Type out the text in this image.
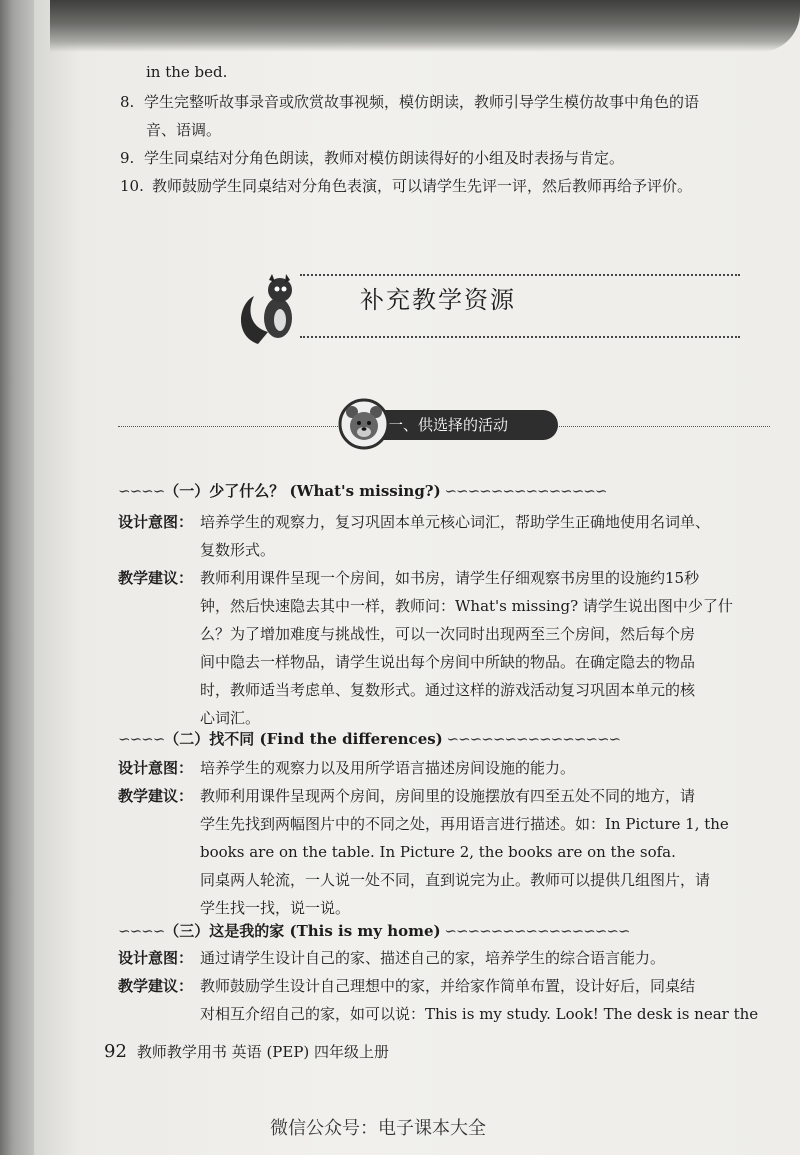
in the bed.
8. 学生完整听故事录音或欣赏故事视频，模仿朗读，教师引导学生模仿故事中角色的语
音、语调。
9. 学生同桌结对分角色朗读，教师对模仿朗读得好的小组及时表扬与肯定。
10. 教师鼓励学生同桌结对分角色表演，可以请学生先评一评，然后教师再给予评价。
补充教学资源
一、供选择的活动
∽∽∽∽（一）少了什么？ (What's missing?) ∽∽∽∽∽∽∽∽∽∽∽∽∽∽
设计意图： 培养学生的观察力，复习巩固本单元核心词汇，帮助学生正确地使用名词单、
复数形式。
教学建议： 教师利用课件呈现一个房间，如书房，请学生仔细观察书房里的设施约15秒
钟，然后快速隐去其中一样，教师问：What's missing? 请学生说出图中少了什
么？为了增加难度与挑战性，可以一次同时出现两至三个房间，然后每个房
间中隐去一样物品，请学生说出每个房间中所缺的物品。在确定隐去的物品
时，教师适当考虑单、复数形式。通过这样的游戏活动复习巩固本单元的核
心词汇。
∽∽∽∽（二）找不同 (Find the differences) ∽∽∽∽∽∽∽∽∽∽∽∽∽∽∽
设计意图： 培养学生的观察力以及用所学语言描述房间设施的能力。
教学建议： 教师利用课件呈现两个房间，房间里的设施摆放有四至五处不同的地方，请
学生先找到两幅图片中的不同之处，再用语言进行描述。如：In Picture 1, the
books are on the table. In Picture 2, the books are on the sofa.
同桌两人轮流，一人说一处不同，直到说完为止。教师可以提供几组图片，请
学生找一找，说一说。
∽∽∽∽（三）这是我的家 (This is my home) ∽∽∽∽∽∽∽∽∽∽∽∽∽∽∽∽
设计意图： 通过请学生设计自己的家、描述自己的家，培养学生的综合语言能力。
教学建议： 教师鼓励学生设计自己理想中的家，并给家作简单布置，设计好后，同桌结
对相互介绍自己的家，如可以说：This is my study. Look! The desk is near the
92 教师教学用书 英语 (PEP) 四年级上册
微信公众号：电子课本大全
